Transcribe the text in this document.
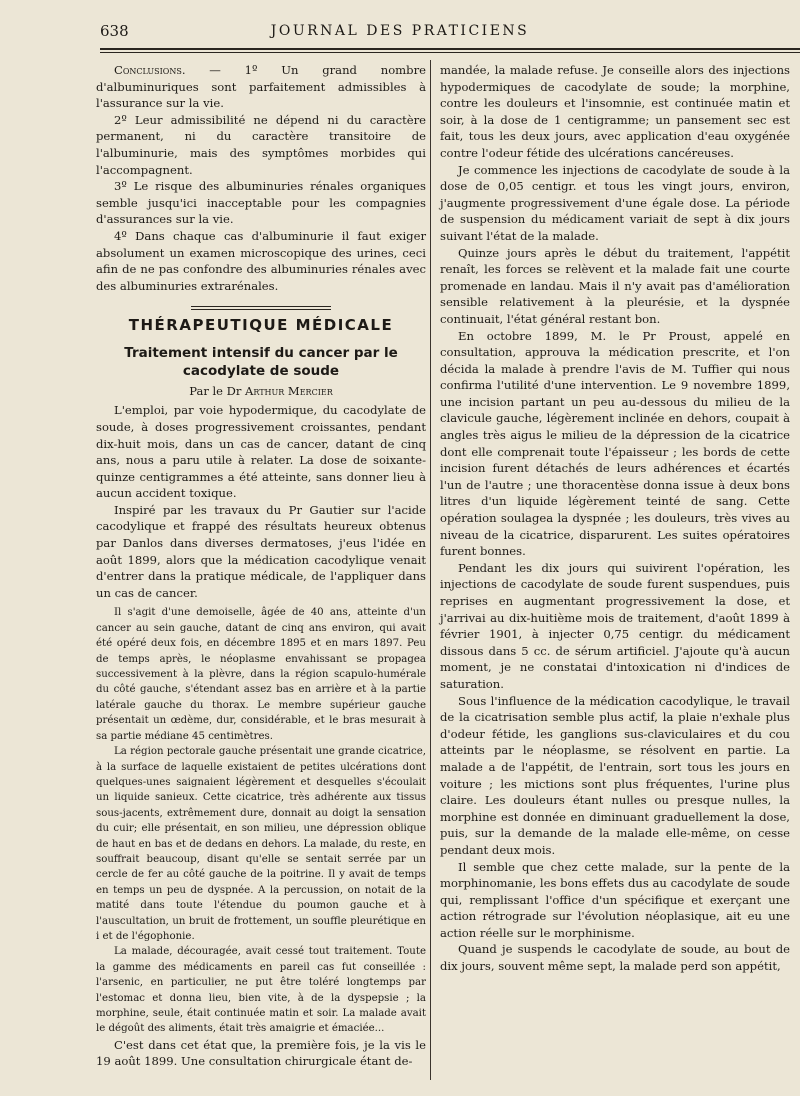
638	JOURNAL DES PRATICIENS

Conclusions. — 1º Un grand nombre d'albuminuriques sont parfaitement admissibles à l'assurance sur la vie.

2º Leur admissibilité ne dépend ni du caractère permanent, ni du caractère transitoire de l'albuminurie, mais des symptômes morbides qui l'accompagnent.

3º Le risque des albuminuries rénales organiques semble jusqu'ici inacceptable pour les compagnies d'assurances sur la vie.

4º Dans chaque cas d'albuminurie il faut exiger absolument un examen microscopique des urines, ceci afin de ne pas confondre des albuminuries rénales avec des albuminuries extrarénales.

THÉRAPEUTIQUE MÉDICALE
Traitement intensif du cancer par le cacodylate de soude
Par le Dr Arthur Mercier

L'emploi, par voie hypodermique, du cacodylate de soude, à doses progressivement croissantes, pendant dix-huit mois, dans un cas de cancer, datant de cinq ans, nous a paru utile à relater. La dose de soixante-quinze centigrammes a été atteinte, sans donner lieu à aucun accident toxique.

Inspiré par les travaux du Pr Gautier sur l'acide cacodylique et frappé des résultats heureux obtenus par Danlos dans diverses dermatoses, j'eus l'idée en août 1899, alors que la médication cacodylique venait d'entrer dans la pratique médicale, de l'appliquer dans un cas de cancer.

Il s'agit d'une demoiselle, âgée de 40 ans, atteinte d'un cancer au sein gauche, datant de cinq ans environ, qui avait été opéré deux fois, en décembre 1895 et en mars 1897. Peu de temps après, le néoplasme envahissant se propagea successivement à la plèvre, dans la région scapulo-humérale du côté gauche, s'étendant assez bas en arrière et à la partie latérale gauche du thorax. Le membre supérieur gauche présentait un œdème, dur, considérable, et le bras mesurait à sa partie médiane 45 centimètres.

La région pectorale gauche présentait une grande cicatrice, à la surface de laquelle existaient de petites ulcérations dont quelques-unes saignaient légèrement et desquelles s'écoulait un liquide sanieux. Cette cicatrice, très adhérente aux tissus sous-jacents, extrêmement dure, donnait au doigt la sensation du cuir; elle présentait, en son milieu, une dépression oblique de haut en bas et de dedans en dehors. La malade, du reste, en souffrait beaucoup, disant qu'elle se sentait serrée par un cercle de fer au côté gauche de la poitrine. Il y avait de temps en temps un peu de dyspnée. A la percussion, on notait de la matité dans toute l'étendue du poumon gauche et à l'auscultation, un bruit de frottement, un souffle pleurétique en i et de l'égophonie.

La malade, découragée, avait cessé tout traitement. Toute la gamme des médicaments en pareil cas fut conseillée : l'arsenic, en particulier, ne put être toléré longtemps par l'estomac et donna lieu, bien vite, à de la dyspepsie ; la morphine, seule, était continuée matin et soir. La malade avait le dégoût des aliments, était très amaigrie et émaciée...

C'est dans cet état que, la première fois, je la vis le 19 août 1899. Une consultation chirurgicale étant de-

mandée, la malade refuse. Je conseille alors des injections hypodermiques de cacodylate de soude; la morphine, contre les douleurs et l'insomnie, est continuée matin et soir, à la dose de 1 centigramme; un pansement sec est fait, tous les deux jours, avec application d'eau oxygénée contre l'odeur fétide des ulcérations cancéreuses.

Je commence les injections de cacodylate de soude à la dose de 0,05 centigr. et tous les vingt jours, environ, j'augmente progressivement d'une égale dose. La période de suspension du médicament variait de sept à dix jours suivant l'état de la malade.

Quinze jours après le début du traitement, l'appétit renaît, les forces se relèvent et la malade fait une courte promenade en landau. Mais il n'y avait pas d'amélioration sensible relativement à la pleurésie, et la dyspnée continuait, l'état général restant bon.

En octobre 1899, M. le Pr Proust, appelé en consultation, approuva la médication prescrite, et l'on décida la malade à prendre l'avis de M. Tuffier qui nous confirma l'utilité d'une intervention. Le 9 novembre 1899, une incision partant un peu au-dessous du milieu de la clavicule gauche, légèrement inclinée en dehors, coupait à angles très aigus le milieu de la dépression de la cicatrice dont elle comprenait toute l'épaisseur ; les bords de cette incision furent détachés de leurs adhérences et écartés l'un de l'autre ; une thoracentèse donna issue à deux bons litres d'un liquide légèrement teinté de sang. Cette opération soulagea la dyspnée ; les douleurs, très vives au niveau de la cicatrice, disparurent. Les suites opératoires furent bonnes.

Pendant les dix jours qui suivirent l'opération, les injections de cacodylate de soude furent suspendues, puis reprises en augmentant progressivement la dose, et j'arrivai au dix-huitième mois de traitement, d'août 1899 à février 1901, à injecter 0,75 centigr. du médicament dissous dans 5 cc. de sérum artificiel. J'ajoute qu'à aucun moment, je ne constatai d'intoxication ni d'indices de saturation.

Sous l'influence de la médication cacodylique, le travail de la cicatrisation semble plus actif, la plaie n'exhale plus d'odeur fétide, les ganglions sus-claviculaires et du cou atteints par le néoplasme, se résolvent en partie. La malade a de l'appétit, de l'entrain, sort tous les jours en voiture ; les mictions sont plus fréquentes, l'urine plus claire. Les douleurs étant nulles ou presque nulles, la morphine est donnée en diminuant graduellement la dose, puis, sur la demande de la malade elle-même, on cesse pendant deux mois.

Il semble que chez cette malade, sur la pente de la morphinomanie, les bons effets dus au cacodylate de soude qui, remplissant l'office d'un spécifique et exerçant une action rétrograde sur l'évolution néoplasique, ait eu une action réelle sur le morphinisme.

Quand je suspends le cacodylate de soude, au bout de dix jours, souvent même sept, la malade perd son appétit,
